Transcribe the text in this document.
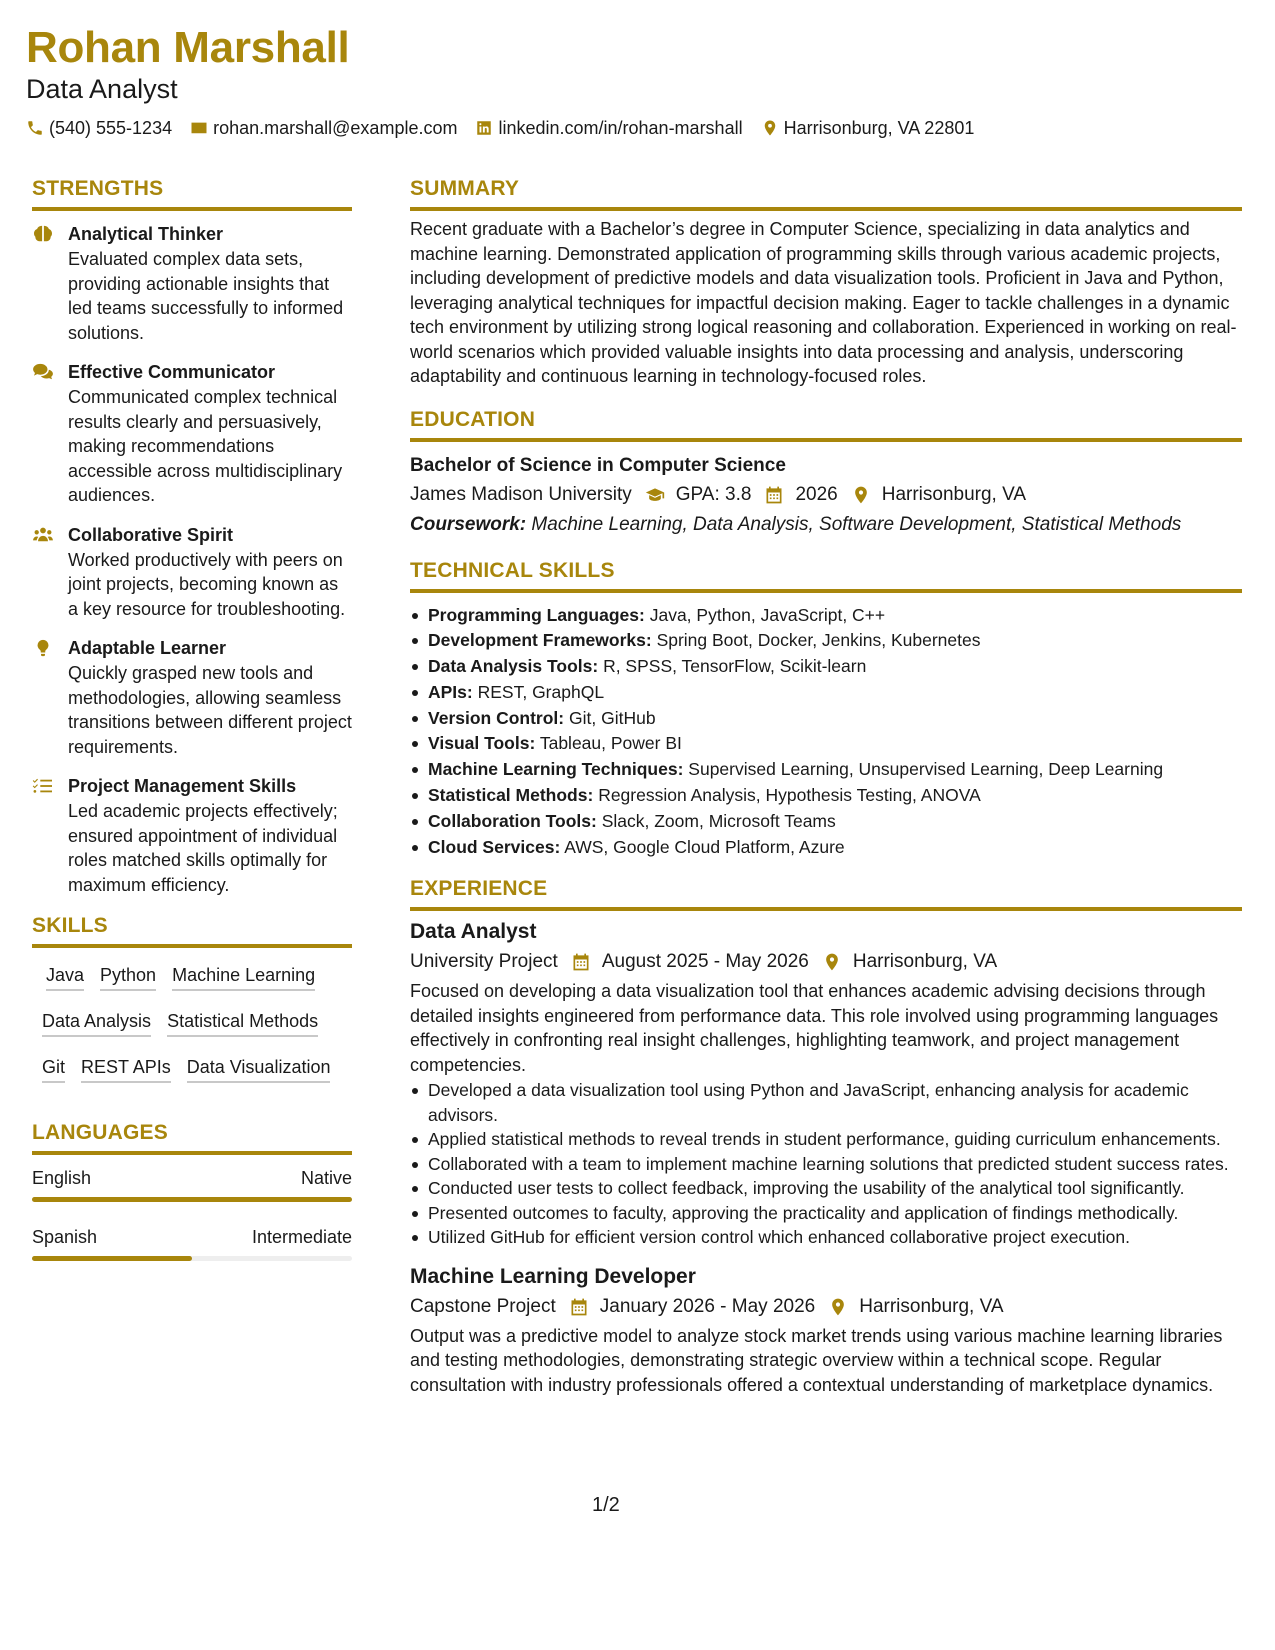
Rohan Marshall
Data Analyst
(540) 555-1234 rohan.marshall@example.com linkedin.com/in/rohan-marshall Harrisonburg, VA 22801
STRENGTHS
Analytical Thinker
Evaluated complex data sets, providing actionable insights that led teams successfully to informed solutions.
Effective Communicator
Communicated complex technical results clearly and persuasively, making recommendations accessible across multidisciplinary audiences.
Collaborative Spirit
Worked productively with peers on joint projects, becoming known as a key resource for troubleshooting.
Adaptable Learner
Quickly grasped new tools and methodologies, allowing seamless transitions between different project requirements.
Project Management Skills
Led academic projects effectively; ensured appointment of individual roles matched skills optimally for maximum efficiency.
SKILLS
Java Python Machine Learning
Data Analysis Statistical Methods
Git REST APIs Data Visualization
LANGUAGES
English	Native
Spanish	Intermediate
SUMMARY
Recent graduate with a Bachelor’s degree in Computer Science, specializing in data analytics and machine learning. Demonstrated application of programming skills through various academic projects, including development of predictive models and data visualization tools. Proficient in Java and Python, leveraging analytical techniques for impactful decision making. Eager to tackle challenges in a dynamic tech environment by utilizing strong logical reasoning and collaboration. Experienced in working on real-world scenarios which provided valuable insights into data processing and analysis, underscoring adaptability and continuous learning in technology-focused roles.
EDUCATION
Bachelor of Science in Computer Science
James Madison University GPA: 3.8 2026 Harrisonburg, VA
Coursework: Machine Learning, Data Analysis, Software Development, Statistical Methods
TECHNICAL SKILLS
Programming Languages: Java, Python, JavaScript, C++
Development Frameworks: Spring Boot, Docker, Jenkins, Kubernetes
Data Analysis Tools: R, SPSS, TensorFlow, Scikit-learn
APIs: REST, GraphQL
Version Control: Git, GitHub
Visual Tools: Tableau, Power BI
Machine Learning Techniques: Supervised Learning, Unsupervised Learning, Deep Learning
Statistical Methods: Regression Analysis, Hypothesis Testing, ANOVA
Collaboration Tools: Slack, Zoom, Microsoft Teams
Cloud Services: AWS, Google Cloud Platform, Azure
EXPERIENCE
Data Analyst
University Project August 2025 - May 2026 Harrisonburg, VA
Focused on developing a data visualization tool that enhances academic advising decisions through detailed insights engineered from performance data. This role involved using programming languages effectively in confronting real insight challenges, highlighting teamwork, and project management competencies.
Developed a data visualization tool using Python and JavaScript, enhancing analysis for academic advisors.
Applied statistical methods to reveal trends in student performance, guiding curriculum enhancements.
Collaborated with a team to implement machine learning solutions that predicted student success rates.
Conducted user tests to collect feedback, improving the usability of the analytical tool significantly.
Presented outcomes to faculty, approving the practicality and application of findings methodically.
Utilized GitHub for efficient version control which enhanced collaborative project execution.
Machine Learning Developer
Capstone Project January 2026 - May 2026 Harrisonburg, VA
Output was a predictive model to analyze stock market trends using various machine learning libraries and testing methodologies, demonstrating strategic overview within a technical scope. Regular consultation with industry professionals offered a contextual understanding of marketplace dynamics.
1/2
